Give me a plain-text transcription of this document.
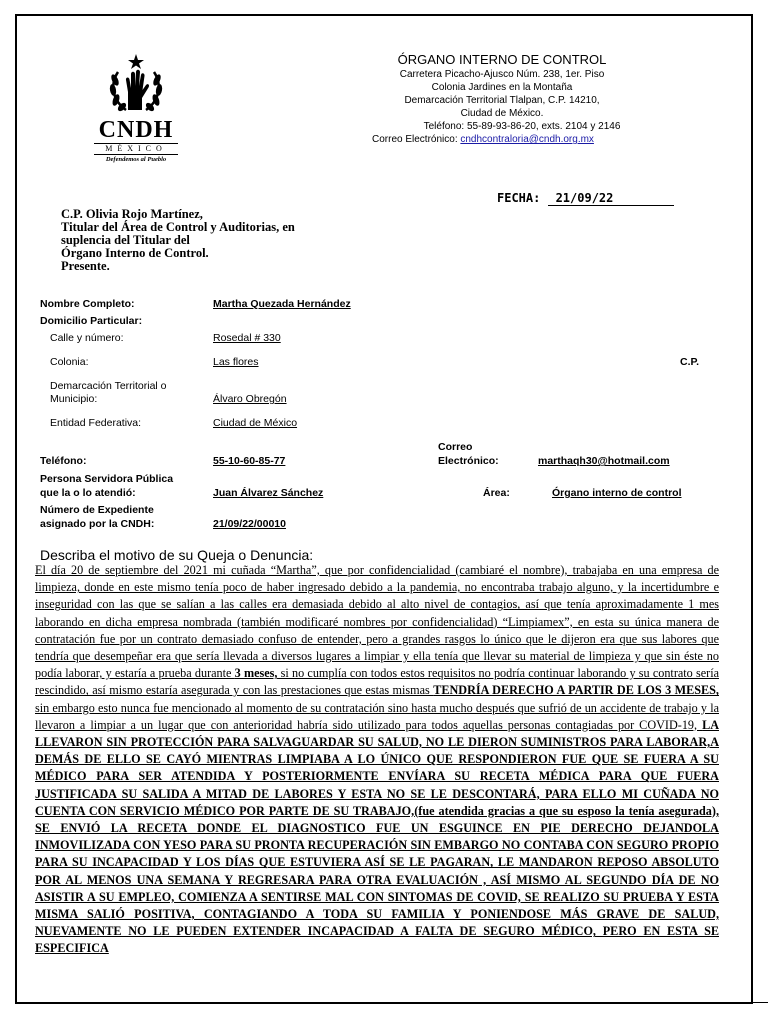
CNDH
MÉXICO
Defendemos al Pueblo
ÓRGANO INTERNO DE CONTROL
Carretera Picacho-Ajusco Núm. 238, 1er. Piso
Colonia Jardines en la Montaña
Demarcación Territorial Tlalpan, C.P. 14210,
Ciudad de México.
Teléfono: 55-89-93-86-20, exts. 2104 y 2146
Correo Electrónico: cndhcontraloria@cndh.org.mx
FECHA: 21/09/22
C.P. Olivia Rojo Martínez,
Titular del Área de Control y Auditorias, en
suplencia del Titular del
Órgano Interno de Control.
Presente.
Nombre Completo:	Martha Quezada Hernández
Domicilio Particular:
Calle y número:	Rosedal # 330
Colonia:	Las flores	C.P.
Demarcación Territorial o
Municipio:	Álvaro Obregón
Entidad Federativa:	Ciudad de México
Correo
Electrónico:	marthaqh30@hotmail.com
Teléfono:	55-10-60-85-77
Persona Servidora Pública
que la o lo atendió:	Juan Álvarez Sánchez	Área:	Órgano interno de control
Número de Expediente
asignado por la CNDH:	21/09/22/00010
Describa el motivo de su Queja o Denuncia:
El día 20 de septiembre del 2021 mi cuñada “Martha”, que por confidencialidad (cambiaré el nombre), trabajaba en una empresa de limpieza, donde en este mismo tenía poco de haber ingresado debido a la pandemia, no encontraba trabajo alguno, y la incertidumbre e inseguridad con las que se salían a las calles era demasiada debido al alto nivel de contagios, así que tenía aproximadamente 1 mes laborando en dicha empresa nombrada (también modificaré nombres por confidencialidad) “Limpiamex”, en esta su única manera de contratación fue por un contrato demasiado confuso de entender, pero a grandes rasgos lo único que le dijeron era que sus labores que tendría que desempeñar era que sería llevada a diversos lugares a limpiar y ella tenía que llevar su material de limpieza y que sin éste no podía laborar, y estaría a prueba durante 3 meses, si no cumplía con todos estos requisitos no podría continuar laborando y su contrato sería rescindido, así mismo estaría asegurada y con las prestaciones que estas mismas TENDRÍA DERECHO A PARTIR DE LOS 3 MESES, sin embargo esto nunca fue mencionado al momento de su contratación sino hasta mucho después que sufrió de un accidente de trabajo y la llevaron a limpiar a un lugar que con anterioridad habría sido utilizado para todos aquellas personas contagiadas por COVID-19, LA LLEVARON SIN PROTECCIÓN PARA SALVAGUARDAR SU SALUD, NO LE DIERON SUMINISTROS PARA LABORAR,A DEMÁS DE ELLO SE CAYÓ MIENTRAS LIMPIABA A LO ÚNICO QUE RESPONDIERON FUE QUE SE FUERA A SU MÉDICO PARA SER ATENDIDA Y POSTERIORMENTE ENVÍARA SU RECETA MÉDICA PARA QUE FUERA JUSTIFICADA SU SALIDA A MITAD DE LABORES Y ESTA NO SE LE DESCONTARÁ, PARA ELLO MI CUÑADA NO CUENTA CON SERVICIO MÉDICO POR PARTE DE SU TRABAJO,(fue atendida gracias a que su esposo la tenía asegurada), SE ENVIÓ LA RECETA DONDE EL DIAGNOSTICO FUE UN ESGUINCE EN PIE DERECHO DEJANDOLA INMOVILIZADA CON YESO PARA SU PRONTA RECUPERACIÓN SIN EMBARGO NO CONTABA CON SEGURO PROPIO PARA SU INCAPACIDAD Y LOS DÍAS QUE ESTUVIERA ASÍ SE LE PAGARAN, LE MANDARON REPOSO ABSOLUTO POR AL MENOS UNA SEMANA Y REGRESARA PARA OTRA EVALUACIÓN , ASÍ MISMO AL SEGUNDO DÍA DE NO ASISTIR A SU EMPLEO, COMIENZA A SENTIRSE MAL CON SINTOMAS DE COVID, SE REALIZO SU PRUEBA Y ESTA MISMA SALIÓ POSITIVA, CONTAGIANDO A TODA SU FAMILIA Y PONIENDOSE MÁS GRAVE DE SALUD, NUEVAMENTE NO LE PUEDEN EXTENDER INCAPACIDAD A FALTA DE SEGURO MÉDICO, PERO EN ESTA SE ESPECIFICA
